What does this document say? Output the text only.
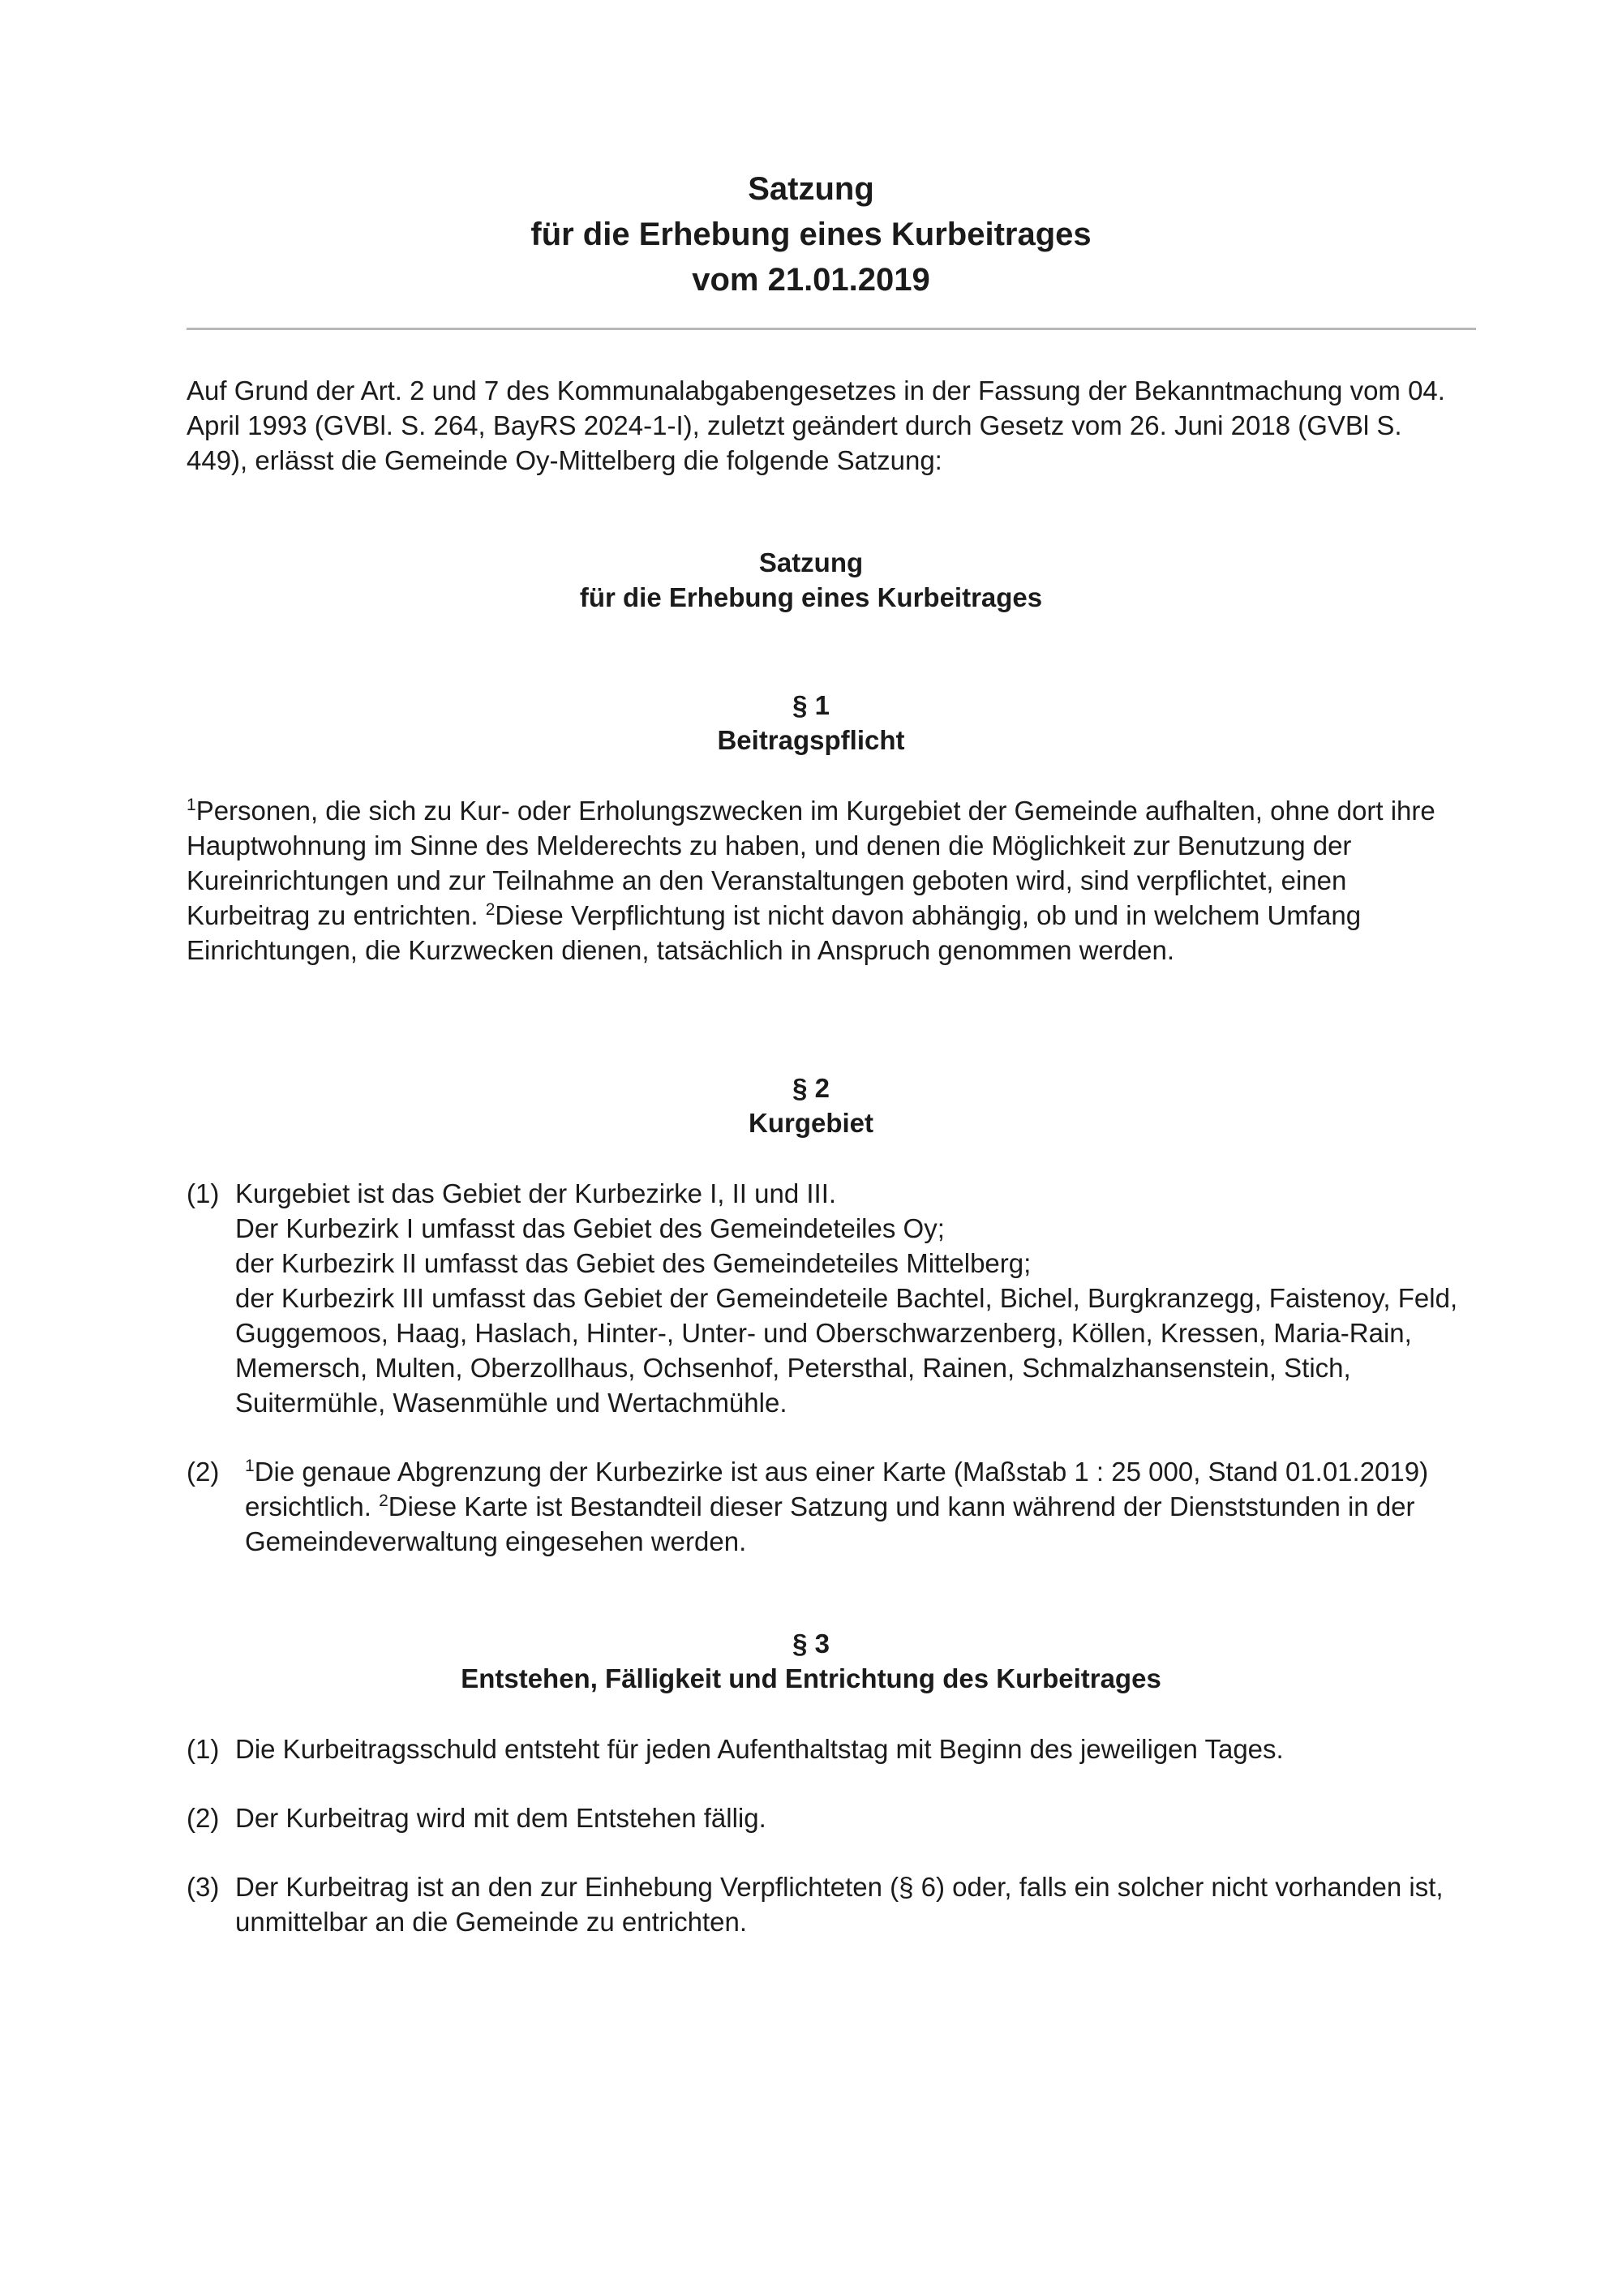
Satzung
für die Erhebung eines Kurbeitrages
vom 21.01.2019

Auf Grund der Art. 2 und 7 des Kommunalabgabengesetzes in der Fassung der Bekanntmachung vom 04. April 1993 (GVBl. S. 264, BayRS 2024-1-I), zuletzt geändert durch Gesetz vom 26. Juni 2018 (GVBl S. 449), erlässt die Gemeinde Oy-Mittelberg die folgende Satzung:

Satzung
für die Erhebung eines Kurbeitrages
§ 1
Beitragspflicht

$^1$Personen, die sich zu Kur- oder Erholungszwecken im Kurgebiet der Gemeinde aufhalten, ohne dort ihre Hauptwohnung im Sinne des Melderechts zu haben, und denen die Möglichkeit zur Benutzung der Kureinrichtungen und zur Teilnahme an den Veranstaltungen geboten wird, sind verpflichtet, einen Kurbeitrag zu entrichten. $^2$Diese Verpflichtung ist nicht davon abhängig, ob und in welchem Umfang Einrichtungen, die Kurzwecken dienen, tatsächlich in Anspruch genommen werden.

§ 2
Kurgebiet
(1) Kurgebiet ist das Gebiet der Kurbezirke I, II und III.
Der Kurbezirk I umfasst das Gebiet des Gemeindeteiles Oy;
der Kurbezirk II umfasst das Gebiet des Gemeindeteiles Mittelberg;
der Kurbezirk III umfasst das Gebiet der Gemeindeteile Bachtel, Bichel, Burgkranzegg, Faistenoy, Feld, Guggemoos, Haag, Haslach, Hinter-, Unter- und Oberschwarzenberg, Köllen, Kressen, Maria-Rain, Memersch, Multen, Oberzollhaus, Ochsenhof, Petersthal, Rainen, Schmalzhansenstein, Stich, Suitermühle, Wasenmühle und Wertachmühle.
(2)	$^1$Die genaue Abgrenzung der Kurbezirke ist aus einer Karte (Maßstab 1 : 25 000, Stand 01.01.2019) ersichtlich. $^2$Diese Karte ist Bestandteil dieser Satzung und kann während der Dienststunden in der Gemeindeverwaltung eingesehen werden.
§ 3
Entstehen, Fälligkeit und Entrichtung des Kurbeitrages
(1) Die Kurbeitragsschuld entsteht für jeden Aufenthaltstag mit Beginn des jeweiligen Tages.
(2) Der Kurbeitrag wird mit dem Entstehen fällig.
(3) Der Kurbeitrag ist an den zur Einhebung Verpflichteten (§ 6) oder, falls ein solcher nicht vorhanden ist, unmittelbar an die Gemeinde zu entrichten.
